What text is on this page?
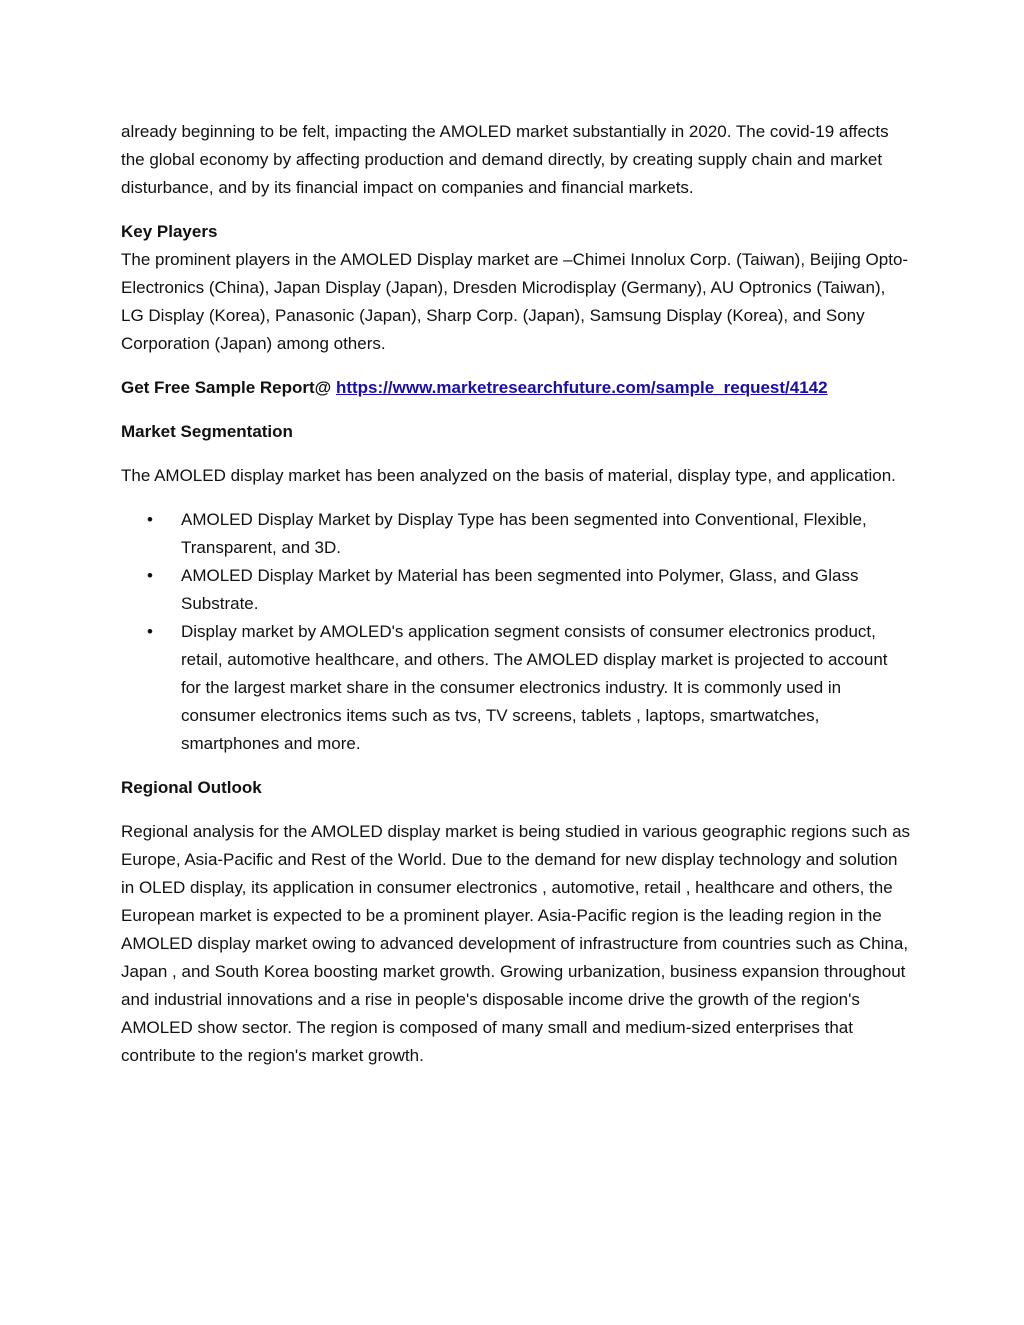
already beginning to be felt, impacting the AMOLED market substantially in 2020. The covid-19 affects the global economy by affecting production and demand directly, by creating supply chain and market disturbance, and by its financial impact on companies and financial markets.

Key Players

The prominent players in the AMOLED Display market are –Chimei Innolux Corp. (Taiwan), Beijing Opto-Electronics (China), Japan Display (Japan), Dresden Microdisplay (Germany), AU Optronics (Taiwan), LG Display (Korea), Panasonic (Japan), Sharp Corp. (Japan), Samsung Display (Korea), and Sony Corporation (Japan) among others.

Get Free Sample Report@ https://www.marketresearchfuture.com/sample_request/4142

Market Segmentation

The AMOLED display market has been analyzed on the basis of material, display type, and application.

• AMOLED Display Market by Display Type has been segmented into Conventional, Flexible, Transparent, and 3D.
• AMOLED Display Market by Material has been segmented into Polymer, Glass, and Glass Substrate.
• Display market by AMOLED's application segment consists of consumer electronics product, retail, automotive healthcare, and others. The AMOLED display market is projected to account for the largest market share in the consumer electronics industry. It is commonly used in consumer electronics items such as tvs, TV screens, tablets , laptops, smartwatches, smartphones and more.

Regional Outlook

Regional analysis for the AMOLED display market is being studied in various geographic regions such as Europe, Asia-Pacific and Rest of the World. Due to the demand for new display technology and solution in OLED display, its application in consumer electronics , automotive, retail , healthcare and others, the European market is expected to be a prominent player. Asia-Pacific region is the leading region in the AMOLED display market owing to advanced development of infrastructure from countries such as China, Japan , and South Korea boosting market growth. Growing urbanization, business expansion throughout and industrial innovations and a rise in people's disposable income drive the growth of the region's AMOLED show sector. The region is composed of many small and medium-sized enterprises that contribute to the region's market growth.
